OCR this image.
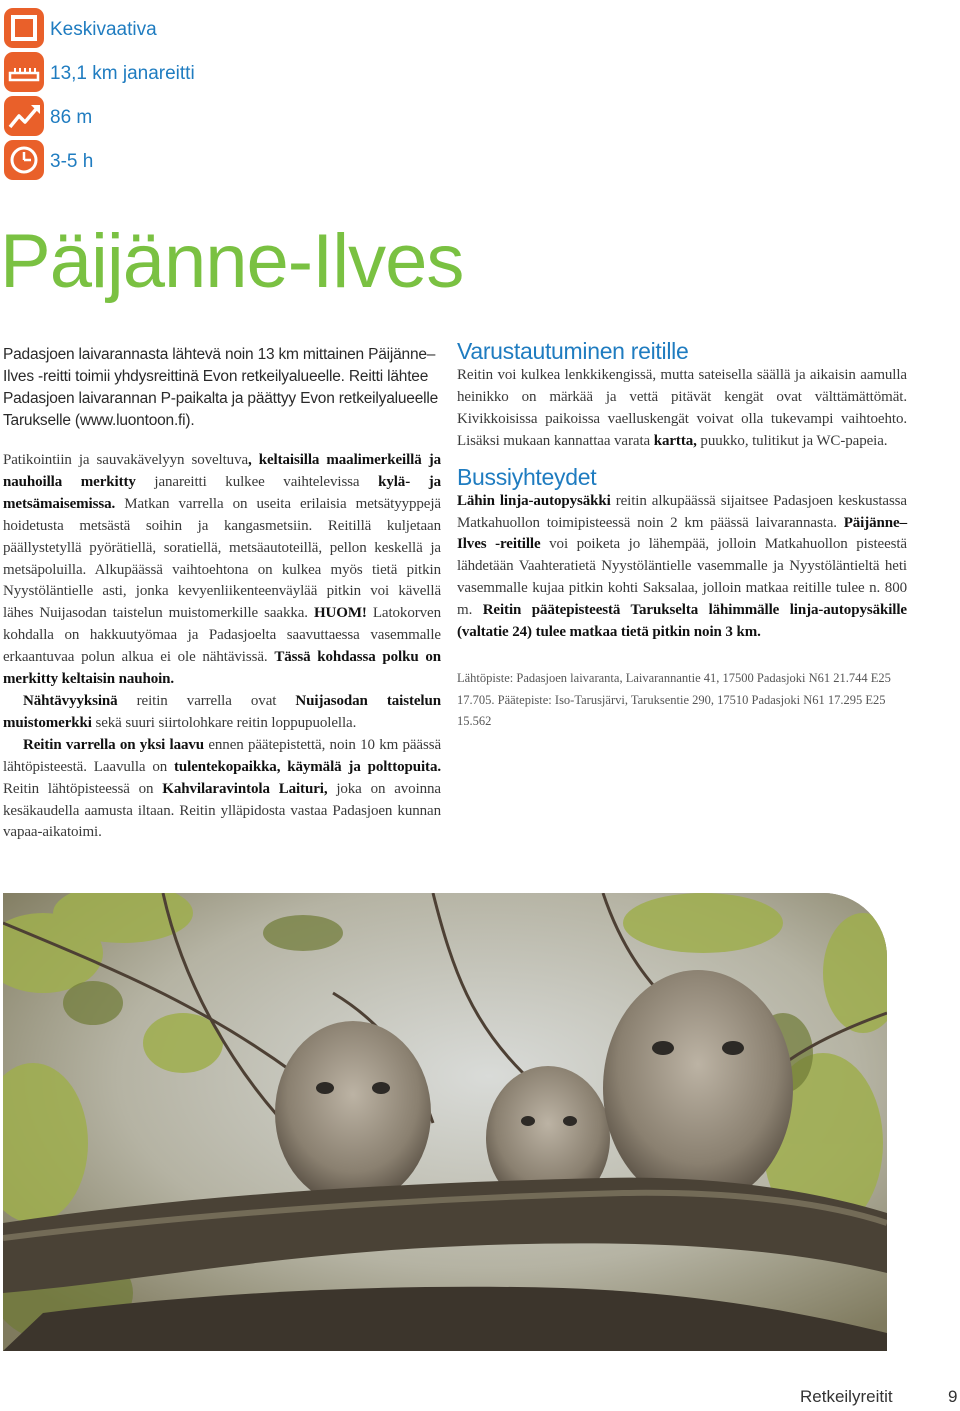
Keskivaativa
13,1 km janareitti
86 m
3-5 h
Päijänne-Ilves

Padasjoen laivarannasta lähtevä noin 13 km mittainen Päijänne–Ilves -reitti toimii yhdysreittinä Evon retkeilyalueelle. Reitti lähtee Padasjoen laivarannan P-paikalta ja päättyy Evon retkeilyalueelle Tarukselle (www.luontoon.fi).

Patikointiin ja sauvakävelyyn soveltuva, keltaisilla maalimerkeillä ja nauhoilla merkitty janareitti kulkee vaihtelevissa kylä- ja metsämaisemissa. Matkan varrella on useita erilaisia metsätyyppejä hoidetusta metsästä soihin ja kangasmetsiin. Reitillä kuljetaan päällystetyllä pyörätiellä, soratiellä, metsäautoteillä, pellon keskellä ja metsäpoluilla. Alkupäässä vaihtoehtona on kulkea myös tietä pitkin Nyystöläntielle asti, jonka kevyenliikenteenväylää pitkin voi kävellä lähes Nuijasodan taistelun muistomerkille saakka. HUOM! Latokorven kohdalla on hakkuutyömaa ja Padasjoelta saavuttaessa vasemmalle erkaantuvaa polun alkua ei ole nähtävissä. Tässä kohdassa polku on merkitty keltaisin nauhoin.

Nähtävyyksinä reitin varrella ovat Nuijasodan taistelun muistomerkki sekä suuri siirtolohkare reitin loppupuolella.

Reitin varrella on yksi laavu ennen päätepistettä, noin 10 km päässä lähtöpisteestä. Laavulla on tulentekopaikka, käymälä ja polttopuita. Reitin lähtöpisteessä on Kahvilaravintola Laituri, joka on avoinna kesäkaudella aamusta iltaan. Reitin ylläpidosta vastaa Padasjoen kunnan vapaa-aikatoimi.

Varustautuminen reitille

Reitin voi kulkea lenkkikengissä, mutta sateisella säällä ja aikaisin aamulla heinikko on märkää ja vettä pitävät kengät ovat välttämättömät. Kivikkoisissa paikoissa vaelluskengät voivat olla tukevampi vaihtoehto. Lisäksi mukaan kannattaa varata kartta, puukko, tulitikut ja WC-papeia.

Bussiyhteydet

Lähin linja-autopysäkki reitin alkupäässä sijaitsee Padasjoen keskustassa Matkahuollon toimipisteessä noin 2 km päässä laivarannasta. Päijänne–Ilves -reitille voi poiketa jo lähempää, jolloin Matkahuollon pisteestä lähdetään Vaahteratietä Nyystöläntielle vasemmalle ja Nyystöläntieltä heti vasemmalle kujaa pitkin kohti Saksalaa, jolloin matkaa reitille tulee n. 800 m. Reitin päätepisteestä Tarukselta lähimmälle linja-autopysäkille (valtatie 24) tulee matkaa tietä pitkin noin 3 km.

Lähtöpiste: Padasjoen laivaranta, Laivarannantie 41, 17500 Padasjoki N61 21.744 E25 17.705. Päätepiste: Iso-Tarusjärvi, Taruksentie 290, 17510 Padasjoki N61 17.295 E25 15.562

Retkeilyreitit	9
